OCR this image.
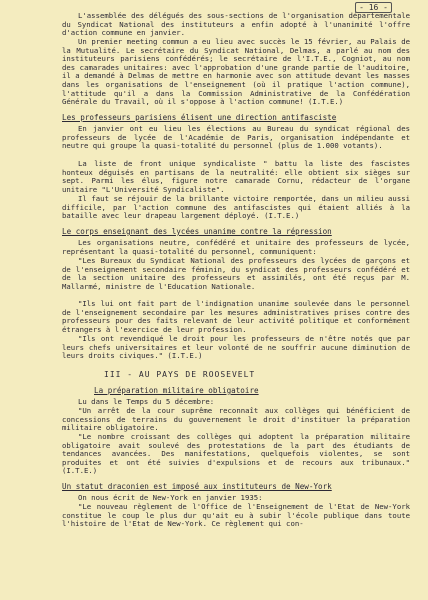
- 16 -

L'assemblée des délégués des sous-sections de l'organisation départementale du Syndicat National des instituteurs a enfin adopté à l'unanimité l'offre d'action commune en janvier.

Un premier meeting commun a eu lieu avec succès le 15 février, au Palais de la Mutualité. Le secrétaire du Syndicat National, Delmas, a parlé au nom des instituteurs parisiens confédérés; le secrétaire de l'I.T.E., Cogniot, au nom des camarades unitaires: avec l'approbation d'une grande partie de l'auditoire, il a demandé à Delmas de mettre en harmonie avec son attitude devant les masses dans les organisations de l'enseignement (où il pratique l'action commune), l'attitude qu'il a dans la Commission Administrative de la Confédération Générale du Travail, où il s'oppose à l'action commune! (I.T.E.)

Les professeurs parisiens élisent une direction antifasciste

En janvier ont eu lieu les élections au Bureau du syndicat régional des professeurs de lycée de l'Académie de Paris, organisation indépendante et neutre qui groupe la quasi-totalité du personnel (plus de 1.000 votants).

La liste de front unique syndicaliste " battu la liste des fascistes honteux déguisés en partisans de la neutralité: elle obtient six sièges sur sept. Parmi les élus, figure notre camarade Cornu, rédacteur de l'organe unitaire "L'Université Syndicaliste".

Il faut se réjouir de la brillante victoire remportée, dans un milieu aussi difficile, par l'action commune des antifascistes qui étaient alliés à la bataille avec leur drapeau largement déployé. (I.T.E.)

Le corps enseignant des lycées unanime contre la répression

Les organisations neutre, confédéré et unitaire des professeurs de lycée, représentant la quasi-totalité du personnel, communiquent:

"Les Bureaux du Syndicat National des professeurs des lycées de garçons et de l'enseignement secondaire féminin, du syndicat des professeurs confédéré et de la section unitaire des professeurs et assimilés, ont été reçus par M. Mallarmé, ministre de l'Education Nationale.

"Ils lui ont fait part de l'indignation unanime soulevée dans le personnel de l'enseignement secondaire par les mesures administratives prises contre des professeurs pour des faits relevant de leur activité politique et conformément étrangers à l'exercice de leur profession.

"Ils ont revendiqué le droit pour les professeurs de n'être notés que par leurs chefs universitaires et leur volonté de ne souffrir aucune diminution de leurs droits civiques." (I.T.E.)

III - AU PAYS DE ROOSEVELT
La préparation militaire obligatoire

Lu dans le Temps du 5 décembre:

"Un arrêt de la cour suprême reconnaît aux collèges qui bénéficient de concessions de terrains du gouvernement le droit d'instituer la préparation militaire obligatoire.

"Le nombre croissant des collèges qui adoptent la préparation militaire obligatoire avait soulevé des protestations de la part des étudiants de tendances avancées. Des manifestations, quelquefois violentes, se sont produites et ont été suivies d'expulsions et de recours aux tribunaux." (I.T.E.)

Un statut draconien est imposé aux instituteurs de New-York

On nous écrit de New-York en janvier 1935:

"Le nouveau règlement de l'Office de l'Enseignement de l'Etat de New-York constitue le coup le plus dur qu'ait eu à subir l'école publique dans toute l'histoire de l'Etat de New-York. Ce règlement qui con-
